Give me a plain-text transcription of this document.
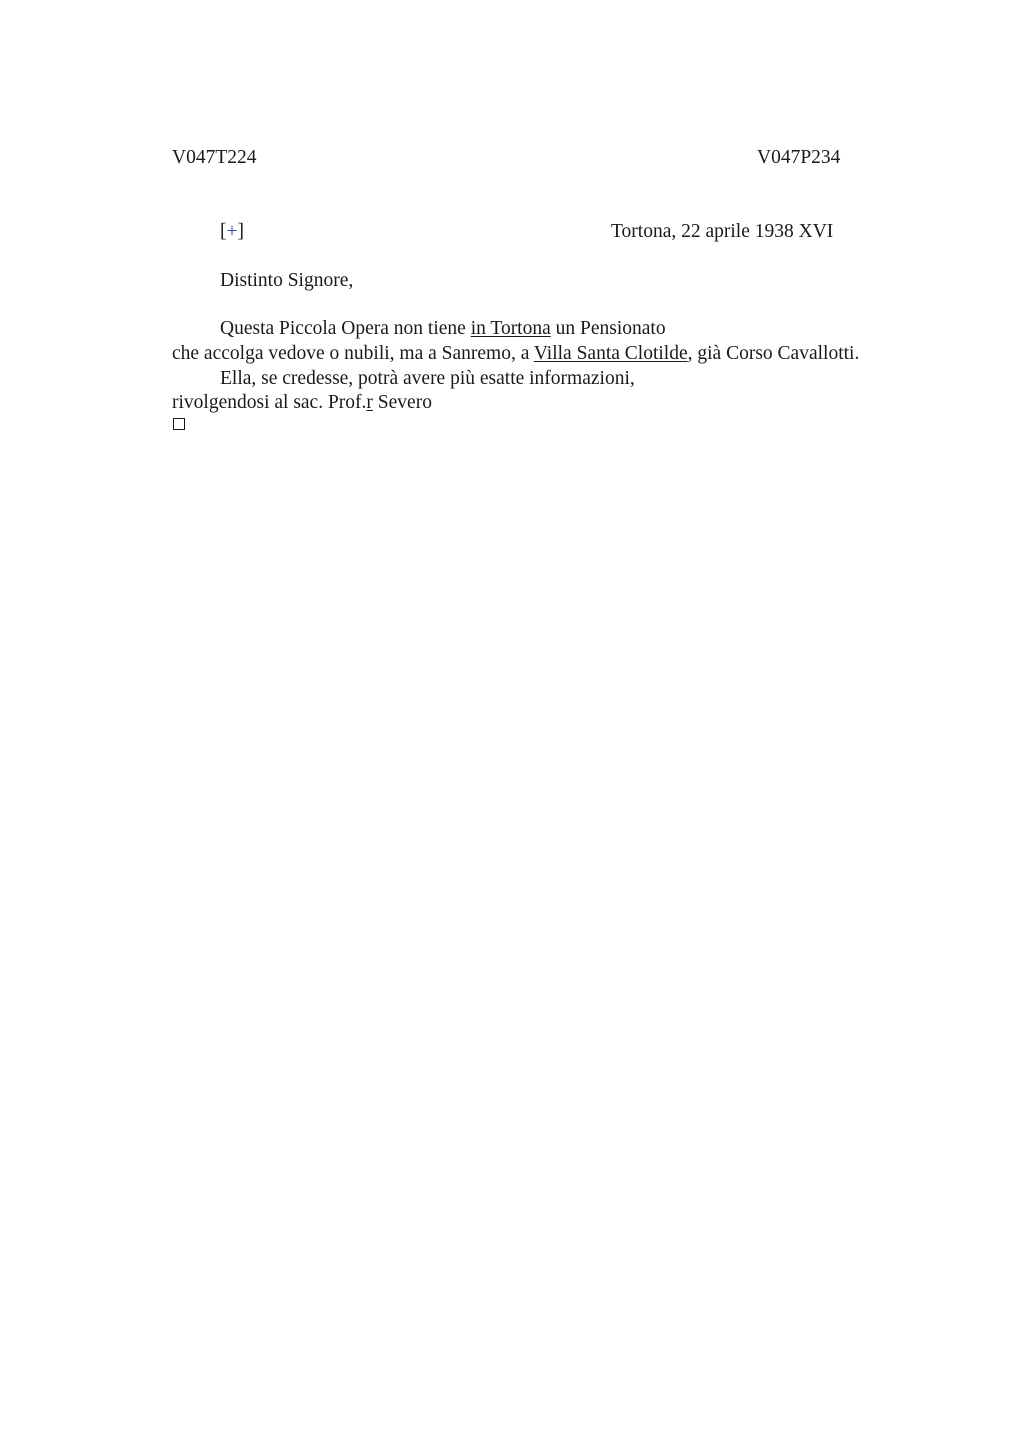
V047T224	V047P234
[+]	Tortona, 22 aprile 1938 XVI
Distinto Signore,
Questa Piccola Opera non tiene in Tortona un Pensionato
che accolga vedove o nubili, ma a Sanremo, a Villa Santa Clotilde, già Corso Cavallotti.
Ella, se credesse, potrà avere più esatte informazioni,
rivolgendosi al sac. Prof.r Severo
